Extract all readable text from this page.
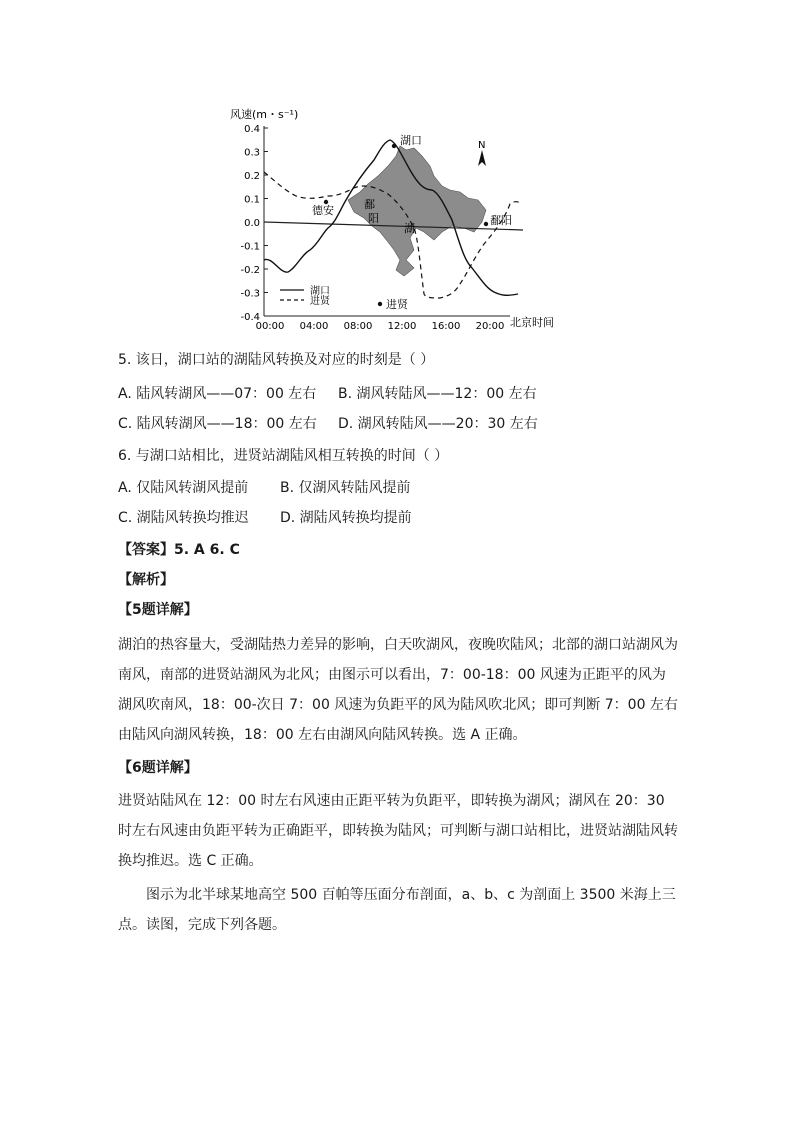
0.4
0.3
0.2
0.1
0.0
-0.1
-0.2
-0.3
-0.4
00:00 04:00 08:00 12:00 16:00 20:00
风速(m・s⁻¹)
北京时间
湖口
德安	鄱
阳
湖
鄱阳
进贤
N
湖口
进贤
5. 该日，湖口站的湖陆风转换及对应的时刻是（ ）
A. 陆风转湖风——07：00 左右 B. 湖风转陆风——12：00 左右
C. 陆风转湖风——18：00 左右 D. 湖风转陆风——20：30 左右
6. 与湖口站相比，进贤站湖陆风相互转换的时间（ ）
A. 仅陆风转湖风提前 B. 仅湖风转陆风提前
C. 湖陆风转换均推迟 D. 湖陆风转换均提前
【答案】5. A 6. C
【解析】
【5题详解】

湖泊的热容量大，受湖陆热力差异的影响，白天吹湖风，夜晚吹陆风；北部的湖口站湖风为南风，南部的进贤站湖风为北风；由图示可以看出，7：00-18：00 风速为正距平的风为湖风吹南风，18：00-次日 7：00 风速为负距平的风为陆风吹北风；即可判断 7：00 左右由陆风向湖风转换，18：00 左右由湖风向陆风转换。选 A 正确。

【6题详解】

进贤站陆风在 12：00 时左右风速由正距平转为负距平，即转换为湖风；湖风在 20：30 时左右风速由负距平转为正确距平，即转换为陆风；可判断与湖口站相比，进贤站湖陆风转换均推迟。选 C 正确。

图示为北半球某地高空 500 百帕等压面分布剖面，a、b、c 为剖面上 3500 米海上三点。读图，完成下列各题。
